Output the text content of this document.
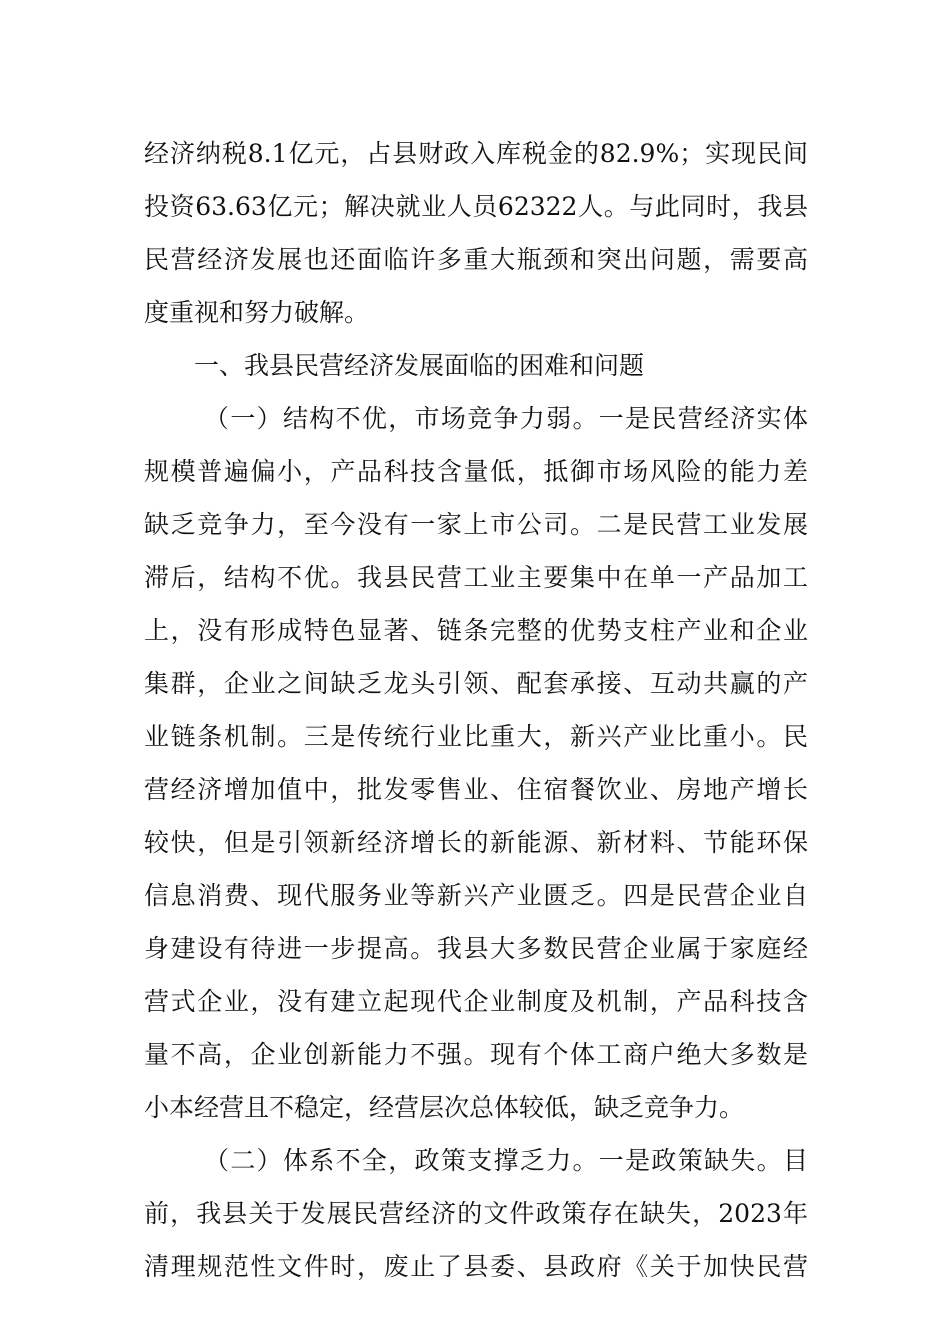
经济纳税8.1亿元，占县财政入库税金的82.9%；实现民间
投资63.63亿元；解决就业人员62322人。与此同时，我县
民营经济发展也还面临许多重大瓶颈和突出问题，需要高
度重视和努力破解。
一、我县民营经济发展面临的困难和问题
（一）结构不优，市场竞争力弱。一是民营经济实体
规模普遍偏小，产品科技含量低，抵御市场风险的能力差
缺乏竞争力，至今没有一家上市公司。二是民营工业发展
滞后，结构不优。我县民营工业主要集中在单一产品加工
上，没有形成特色显著、链条完整的优势支柱产业和企业
集群，企业之间缺乏龙头引领、配套承接、互动共赢的产
业链条机制。三是传统行业比重大，新兴产业比重小。民
营经济增加值中，批发零售业、住宿餐饮业、房地产增长
较快，但是引领新经济增长的新能源、新材料、节能环保
信息消费、现代服务业等新兴产业匮乏。四是民营企业自
身建设有待进一步提高。我县大多数民营企业属于家庭经
营式企业，没有建立起现代企业制度及机制，产品科技含
量不高，企业创新能力不强。现有个体工商户绝大多数是
小本经营且不稳定，经营层次总体较低，缺乏竞争力。
（二）体系不全，政策支撑乏力。一是政策缺失。目
前，我县关于发展民营经济的文件政策存在缺失，2023年
清理规范性文件时，废止了县委、县政府《关于加快民营
